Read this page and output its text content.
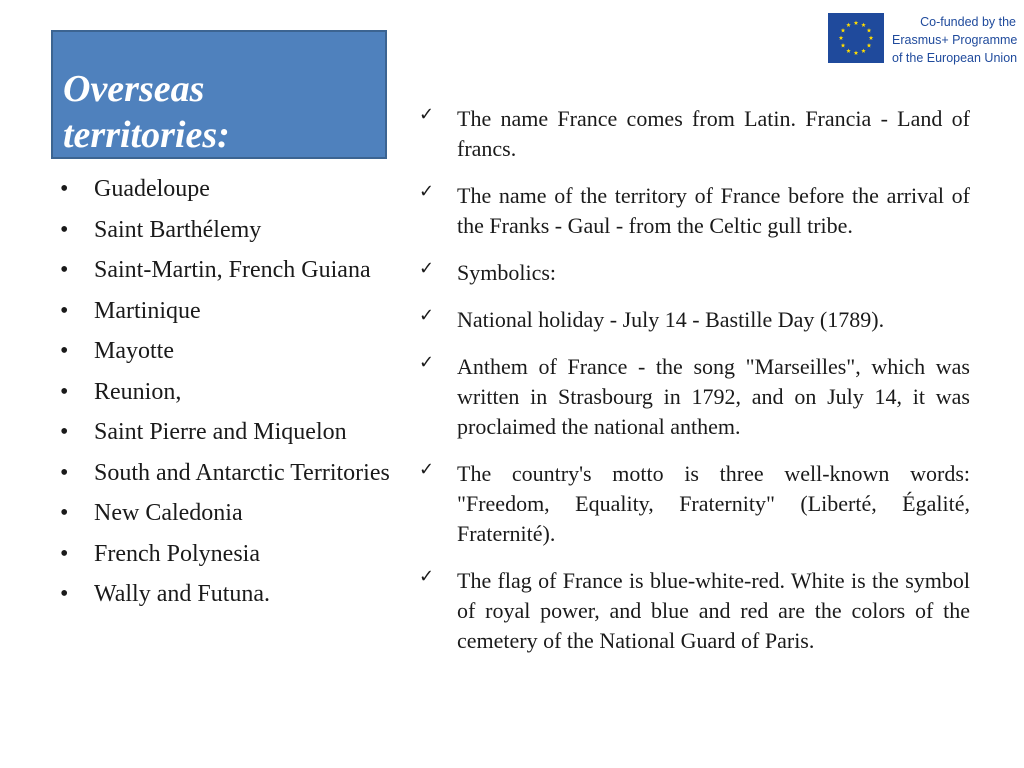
Co-funded by the
Erasmus+ Programme
of the European Union
Overseas
territories:
•	Guadeloupe
•	Saint Barthélemy
•	Saint-Martin, French Guiana
•	Martinique
•	Mayotte
•	Reunion,
•	Saint Pierre and Miquelon
•	South and Antarctic Territories
•	New Caledonia
•	French Polynesia
•	Wally and Futuna.
✓ The name France comes from Latin. Francia - Land of francs.
✓ The name of the territory of France before the arrival of the Franks - Gaul - from the Celtic gull tribe.
✓ Symbolics:
✓ National holiday - July 14 - Bastille Day (1789).
✓ Anthem of France - the song "Marseilles", which was written in Strasbourg in 1792, and on July 14, it was proclaimed the national anthem.
✓ The country's motto is three well-known words: "Freedom, Equality, Fraternity" (Liberté, Égalité, Fraternité).
✓ The flag of France is blue-white-red. White is the symbol of royal power, and blue and red are the colors of the cemetery of the National Guard of Paris.
